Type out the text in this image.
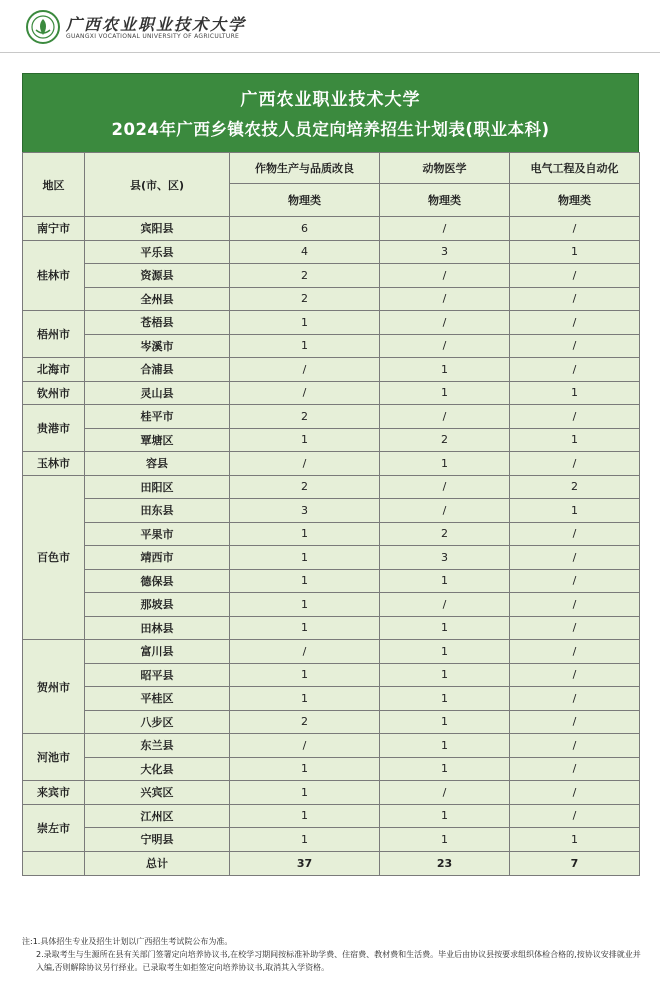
广西农业职业技术大学
GUANGXI VOCATIONAL UNIVERSITY OF AGRICULTURE
广西农业职业技术大学
2024年广西乡镇农技人员定向培养招生计划表(职业本科)
地区	县(市、区)	作物生产与品质改良	动物医学	电气工程及自动化
		物理类	物理类	物理类
南宁市	宾阳县	6	/	/
桂林市	平乐县	4	3	1
	资源县	2	/	/
	全州县	2	/	/
梧州市	苍梧县	1	/	/
	岑溪市	1	/	/
北海市	合浦县	/	1	/
钦州市	灵山县	/	1	1
贵港市	桂平市	2	/	/
	覃塘区	1	2	1
玉林市	容县	/	1	/
百色市	田阳区	2	/	2
	田东县	3	/	1
	平果市	1	2	/
	靖西市	1	3	/
	德保县	1	1	/
	那坡县	1	/	/
	田林县	1	1	/
贺州市	富川县	/	1	/
	昭平县	1	1	/
	平桂区	1	1	/
	八步区	2	1	/
河池市	东兰县	/	1	/
	大化县	1	1	/
来宾市	兴宾区	1	/	/
崇左市	江州区	1	1	/
	宁明县	1	1	1
	总计	37	23	7
注:1.具体招生专业及招生计划以广西招生考试院公布为准。
2.录取考生与生源所在县有关部门签署定向培养协议书,在校学习期间按标准补助学费、住宿费、教材费和生活费。毕业后由协议县按要求组织体检合格的,按协议安排就业并入编,否则解除协议另行择业。已录取考生如拒签定向培养协议书,取消其入学资格。
